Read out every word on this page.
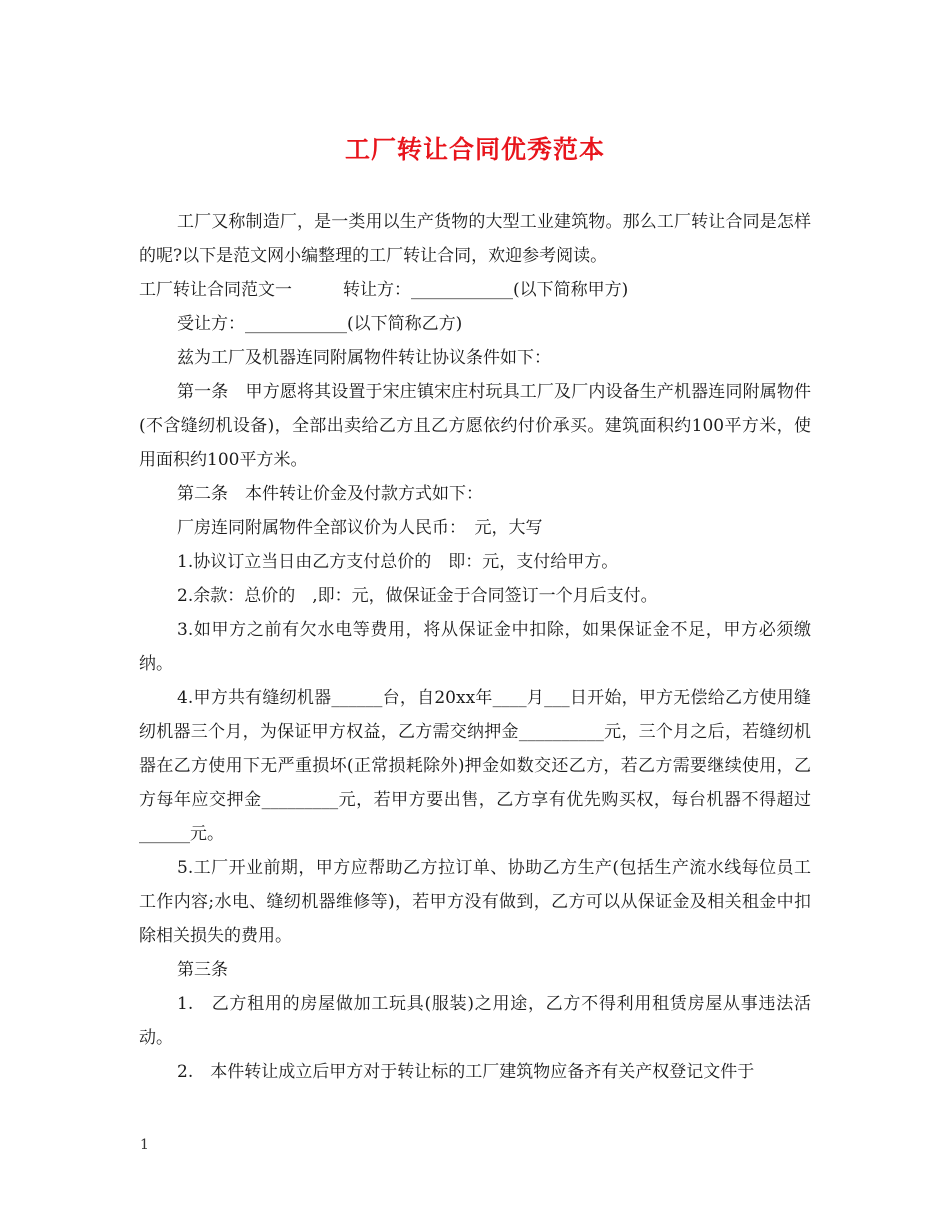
工厂转让合同优秀范本

工厂又称制造厂，是一类用以生产货物的大型工业建筑物。那么工厂转让合同是怎样的呢?以下是范文网小编整理的工厂转让合同，欢迎参考阅读。

工厂转让合同范文一　　　转让方：____________(以下简称甲方)

受让方：____________(以下简称乙方)

兹为工厂及机器连同附属物件转让协议条件如下：

第一条　甲方愿将其设置于宋庄镇宋庄村玩具工厂及厂内设备生产机器连同附属物件(不含缝纫机设备)，全部出卖给乙方且乙方愿依约付价承买。建筑面积约100平方米，使用面积约100平方米。

第二条　本件转让价金及付款方式如下：

厂房连同附属物件全部议价为人民币：　元，大写

1.协议订立当日由乙方支付总价的　即：元，支付给甲方。

2.余款：总价的　,即：元，做保证金于合同签订一个月后支付。

3.如甲方之前有欠水电等费用，将从保证金中扣除，如果保证金不足，甲方必须缴纳。

4.甲方共有缝纫机器______台，自20xx年____月___日开始，甲方无偿给乙方使用缝纫机器三个月，为保证甲方权益，乙方需交纳押金__________元，三个月之后，若缝纫机器在乙方使用下无严重损坏(正常损耗除外)押金如数交还乙方，若乙方需要继续使用，乙方每年应交押金_________元，若甲方要出售，乙方享有优先购买权，每台机器不得超过______元。

5.工厂开业前期，甲方应帮助乙方拉订单、协助乙方生产(包括生产流水线每位员工工作内容;水电、缝纫机器维修等)，若甲方没有做到，乙方可以从保证金及相关租金中扣除相关损失的费用。

第三条

1.　乙方租用的房屋做加工玩具(服装)之用途，乙方不得利用租赁房屋从事违法活动。

2.　本件转让成立后甲方对于转让标的工厂建筑物应备齐有关产权登记文件于

1
